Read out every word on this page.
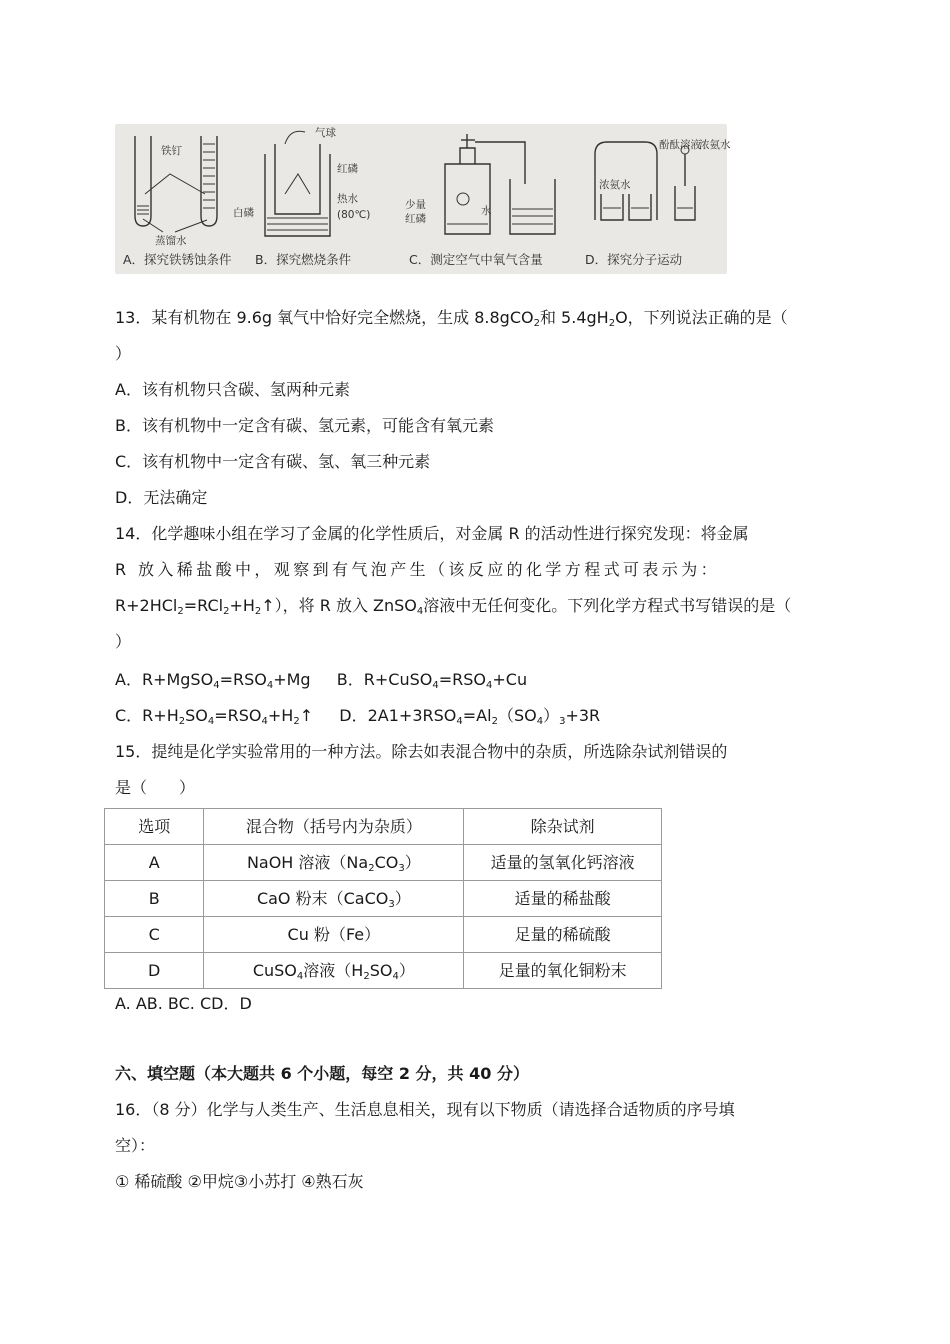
铁钉
蒸馏水
气球
红磷
白磷
热水
(80℃)
少量
红磷
水
酚酞溶液
浓氨水
浓氨水
A．探究铁锈蚀条件 B．探究燃烧条件	C．测定空气中氧气含量	D．探究分子运动
13．某有机物在 9.6g 氧气中恰好完全燃烧，生成 8.8gCO$_2$和 $5.4gH_2O$，下列说法正确的是（
）
A．该有机物只含碳、氢两种元素
B．该有机物中一定含有碳、氢元素，可能含有氧元素
C．该有机物中一定含有碳、氢、氧三种元素
D．无法确定
14．化学趣味小组在学习了金属的化学性质后，对金属 R 的活动性进行探究发现：将金属
R 放入稀盐酸中，观察到有气泡产生（该反应的化学方程式可表示为：
$R+2HCl_2=RCl_2+H_2↑$），将 R 放入 ZnSO$_4$溶液中无任何变化。下列化学方程式书写错误的是（
）
A．$R+MgSO_4=RSO_4+Mg$ B．$R+CuSO_4=RSO_4+Cu$
C．$R+H_2SO_4=RSO_4+H_2↑$ D．$2A1+3RSO_4=Al_2(SO_4)_3+3R$
15．提纯是化学实验常用的一种方法。除去如表混合物中的杂质，所选除杂试剂错误的
是（　　）
选项	混合物（括号内为杂质）	除杂试剂
A	NaOH 溶液$(Na_2CO_3)$	适量的氢氧化钙溶液
B	CaO 粉末（CaCO$_3$）	适量的稀盐酸
C	Cu 粉（Fe）	足量的稀硫酸
D	CuSO$_4$溶液$(H_2SO_4)$	足量的氧化铜粉末
A. AB. BC. CD．D
六、填空题（本大题共 6 个小题，每空 2 分，共 40 分）
16．（8 分）化学与人类生产、生活息息相关，现有以下物质（请选择合适物质的序号填
空）：
① 稀硫酸 ②甲烷③小苏打 ④熟石灰
